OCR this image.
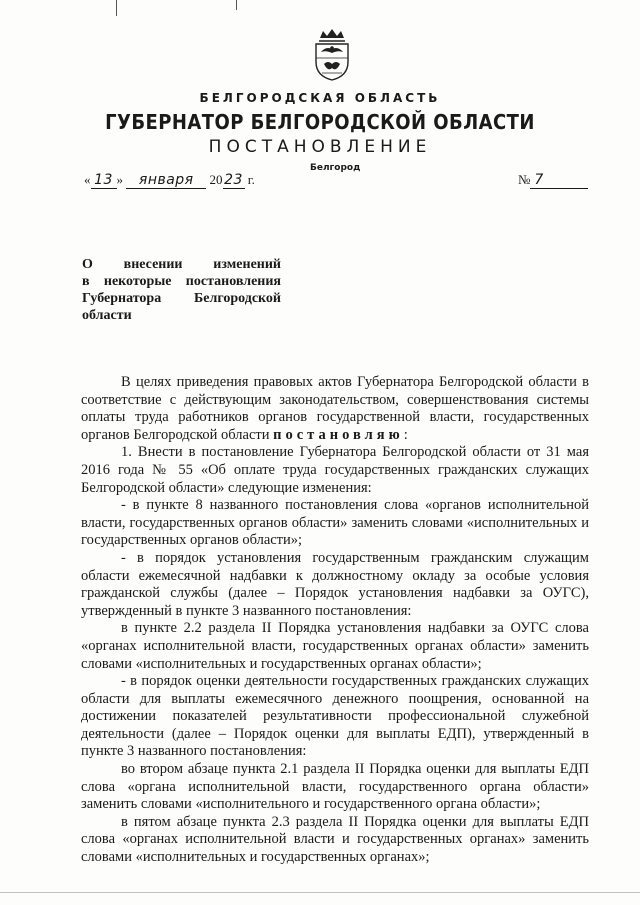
БЕЛГОРОДСКАЯ ОБЛАСТЬ
ГУБЕРНАТОР БЕЛГОРОДСКОЙ ОБЛАСТИ
ПОСТАНОВЛЕНИЕ
Белгород
« 13 » января 20 23 г.	№ 7
О внесении изменений
в некоторые постановления
Губернатора Белгородской
области

В целях приведения правовых актов Губернатора Белгородской области в соответствие с действующим законодательством, совершенствования системы оплаты труда работников органов государственной власти, государственных органов Белгородской области постановляю:

1. Внести в постановление Губернатора Белгородской области от 31 мая 2016 года № 55 «Об оплате труда государственных гражданских служащих Белгородской области» следующие изменения:

- в пункте 8 названного постановления слова «органов исполнительной власти, государственных органов области» заменить словами «исполнительных и государственных органов области»;

- в порядок установления государственным гражданским служащим области ежемесячной надбавки к должностному окладу за особые условия гражданской службы (далее – Порядок установления надбавки за ОУГС), утвержденный в пункте 3 названного постановления:

в пункте 2.2 раздела II Порядка установления надбавки за ОУГС слова «органах исполнительной власти, государственных органах области» заменить словами «исполнительных и государственных органах области»;

- в порядок оценки деятельности государственных гражданских служащих области для выплаты ежемесячного денежного поощрения, основанной на достижении показателей результативности профессиональной служебной деятельности (далее – Порядок оценки для выплаты ЕДП), утвержденный в пункте 3 названного постановления:

во втором абзаце пункта 2.1 раздела II Порядка оценки для выплаты ЕДП слова «органа исполнительной власти, государственного органа области» заменить словами «исполнительного и государственного органа области»;

в пятом абзаце пункта 2.3 раздела II Порядка оценки для выплаты ЕДП слова «органах исполнительной власти и государственных органах» заменить словами «исполнительных и государственных органах»;
